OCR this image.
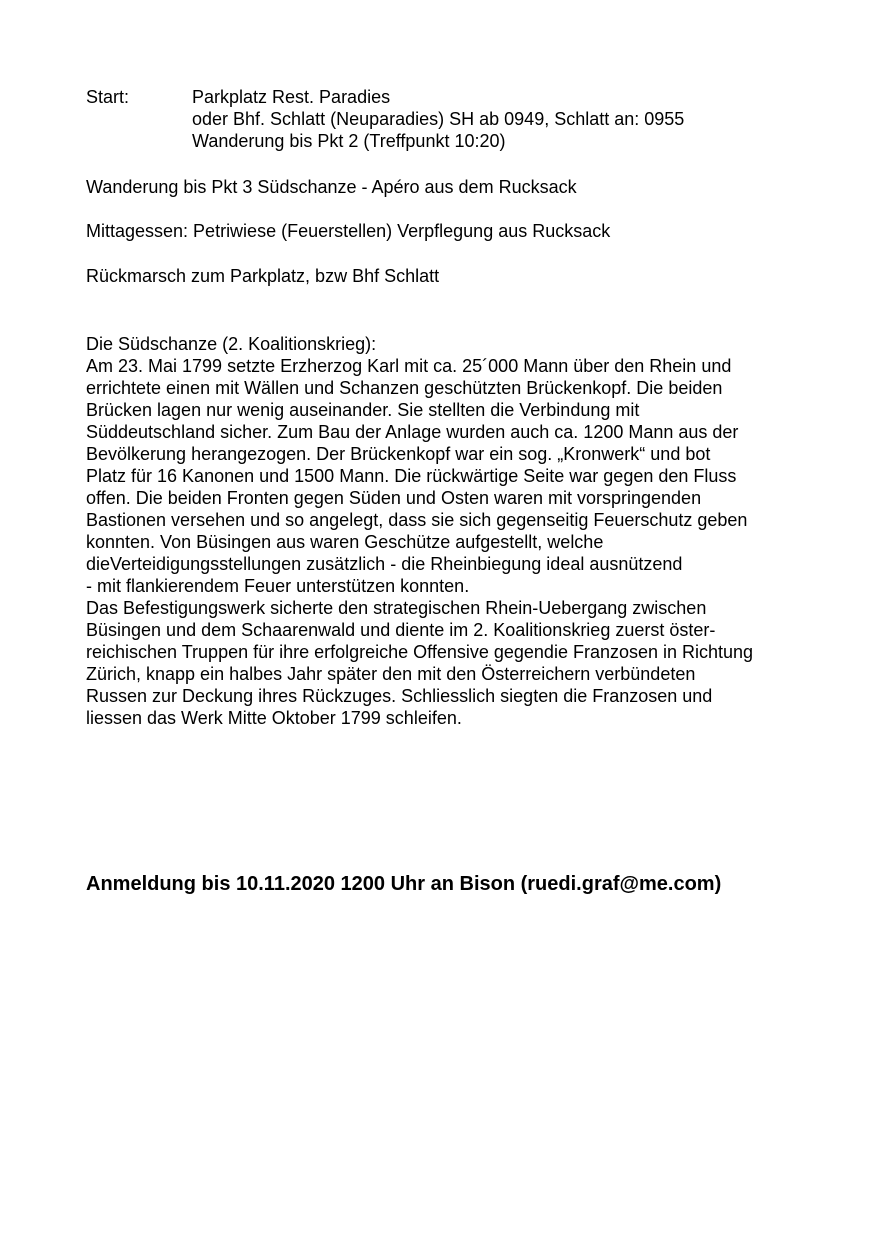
Start:	Parkplatz Rest. Paradies
oder Bhf. Schlatt (Neuparadies) SH ab 0949, Schlatt an: 0955
Wanderung bis Pkt 2 (Treffpunkt 10:20)
Wanderung bis Pkt 3 Südschanze - Apéro aus dem Rucksack
Mittagessen: Petriwiese (Feuerstellen) Verpflegung aus Rucksack
Rückmarsch zum Parkplatz, bzw Bhf Schlatt
Die Südschanze (2. Koalitionskrieg):
Am 23. Mai 1799 setzte Erzherzog Karl mit ca. 25´000 Mann über den Rhein und
errichtete einen mit Wällen und Schanzen geschützten Brückenkopf. Die beiden
Brücken lagen nur wenig auseinander. Sie stellten die Verbindung mit
Süddeutschland sicher. Zum Bau der Anlage wurden auch ca. 1200 Mann aus der
Bevölkerung herangezogen. Der Brückenkopf war ein sog. „Kronwerk“ und bot
Platz für 16 Kanonen und 1500 Mann. Die rückwärtige Seite war gegen den Fluss
offen. Die beiden Fronten gegen Süden und Osten waren mit vorspringenden
Bastionen versehen und so angelegt, dass sie sich gegenseitig Feuerschutz geben
konnten. Von Büsingen aus waren Geschütze aufgestellt, welche
dieVerteidigungsstellungen zusätzlich - die Rheinbiegung ideal ausnützend
- mit flankierendem Feuer unterstützen konnten.
Das Befestigungswerk sicherte den strategischen Rhein-Uebergang zwischen
Büsingen und dem Schaarenwald und diente im 2. Koalitionskrieg zuerst öster-
reichischen Truppen für ihre erfolgreiche Offensive gegendie Franzosen in Richtung
Zürich, knapp ein halbes Jahr später den mit den Österreichern verbündeten
Russen zur Deckung ihres Rückzuges. Schliesslich siegten die Franzosen und
liessen das Werk Mitte Oktober 1799 schleifen.
Anmeldung bis 10.11.2020 1200 Uhr an Bison (ruedi.graf@me.com)
